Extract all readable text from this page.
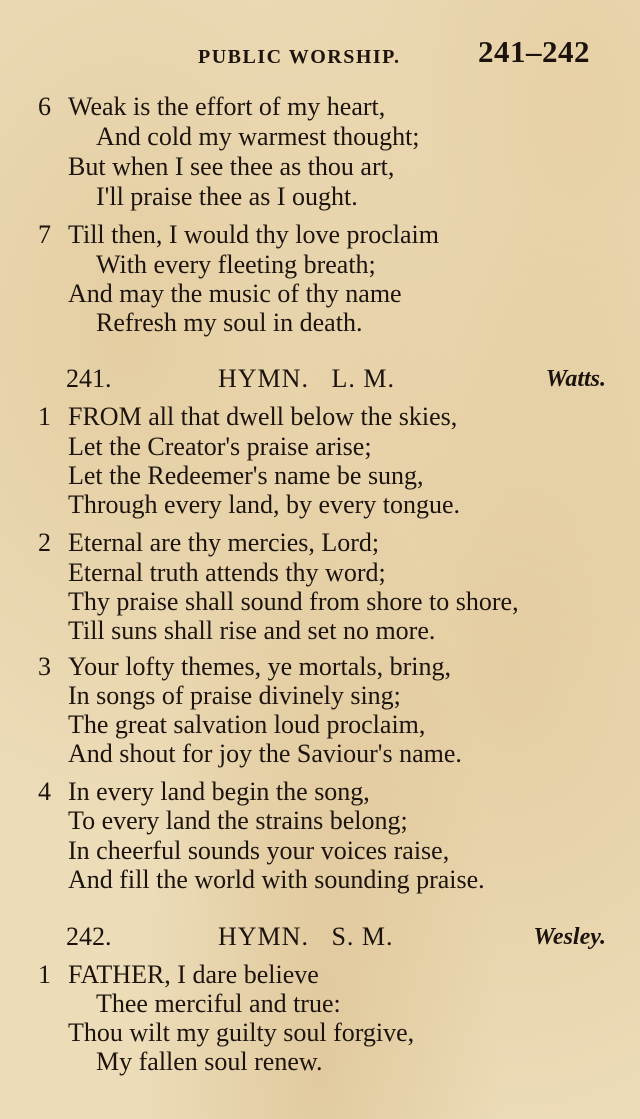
PUBLIC WORSHIP. 241–242
6 Weak is the effort of my heart,
And cold my warmest thought;
But when I see thee as thou art,
I'll praise thee as I ought.
7 Till then, I would thy love proclaim
With every fleeting breath;
And may the music of thy name
Refresh my soul in death.
241.	HYMN.   L. M.	Watts.
1 FROM all that dwell below the skies,
Let the Creator's praise arise;
Let the Redeemer's name be sung,
Through every land, by every tongue.
2 Eternal are thy mercies, Lord;
Eternal truth attends thy word;
Thy praise shall sound from shore to shore,
Till suns shall rise and set no more.
3 Your lofty themes, ye mortals, bring,
In songs of praise divinely sing;
The great salvation loud proclaim,
And shout for joy the Saviour's name.
4 In every land begin the song,
To every land the strains belong;
In cheerful sounds your voices raise,
And fill the world with sounding praise.
242.	HYMN.   S. M.	Wesley.
1 FATHER, I dare believe
Thee merciful and true:
Thou wilt my guilty soul forgive,
My fallen soul renew.
